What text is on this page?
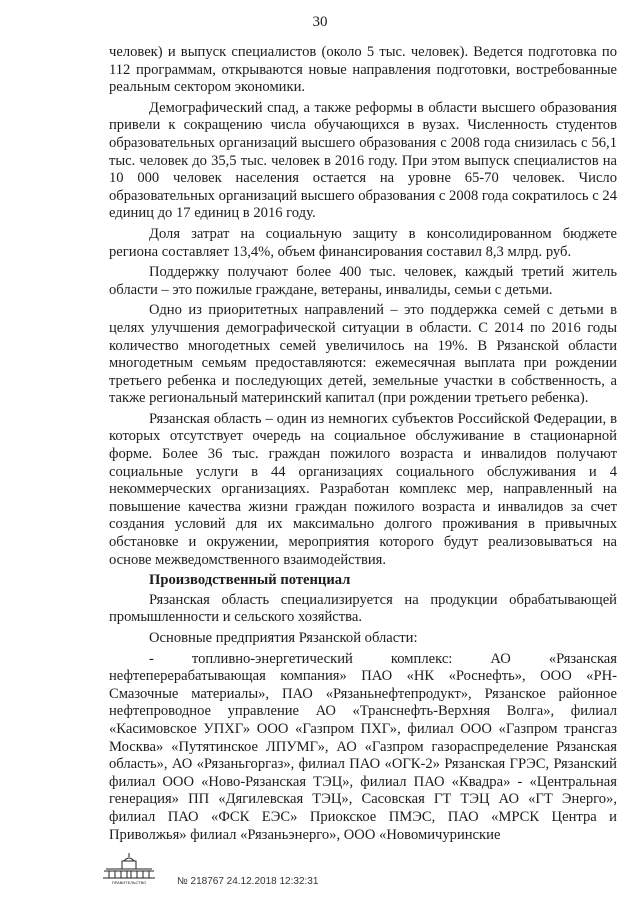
30

человек) и выпуск специалистов (около 5 тыс. человек). Ведется подготовка по 112 программам, открываются новые направления подготовки, востребованные реальным сектором экономики.

Демографический спад, а также реформы в области высшего образования привели к сокращению числа обучающихся в вузах. Численность студентов образовательных организаций высшего образования с 2008 года снизилась с 56,1 тыс. человек до 35,5 тыс. человек в 2016 году. При этом выпуск специалистов на 10 000 человек населения остается на уровне 65-70 человек. Число образовательных организаций высшего образования с 2008 года сократилось с 24 единиц до 17 единиц в 2016 году.

Доля затрат на социальную защиту в консолидированном бюджете региона составляет 13,4%, объем финансирования составил 8,3 млрд. руб.

Поддержку получают более 400 тыс. человек, каждый третий житель области – это пожилые граждане, ветераны, инвалиды, семьи с детьми.

Одно из приоритетных направлений – это поддержка семей с детьми в целях улучшения демографической ситуации в области. С 2014 по 2016 годы количество многодетных семей увеличилось на 19%. В Рязанской области многодетным семьям предоставляются: ежемесячная выплата при рождении третьего ребенка и последующих детей, земельные участки в собственность, а также региональный материнский капитал (при рождении третьего ребенка).

Рязанская область – один из немногих субъектов Российской Федерации, в которых отсутствует очередь на социальное обслуживание в стационарной форме. Более 36 тыс. граждан пожилого возраста и инвалидов получают социальные услуги в 44 организациях социального обслуживания и 4 некоммерческих организациях. Разработан комплекс мер, направленный на повышение качества жизни граждан пожилого возраста и инвалидов за счет создания условий для их максимально долгого проживания в привычных обстановке и окружении, мероприятия которого будут реализовываться на основе межведомственного взаимодействия.

Производственный потенциал

Рязанская область специализируется на продукции обрабатывающей промышленности и сельского хозяйства.

Основные предприятия Рязанской области:

- топливно-энергетический комплекс: АО «Рязанская нефтеперерабатывающая компания» ПАО «НК «Роснефть», ООО «РН-Смазочные материалы», ПАО «Рязаньнефтепродукт», Рязанское районное нефтепроводное управление АО «Транснефть-Верхняя Волга», филиал «Касимовское УПХГ» ООО «Газпром ПХГ», филиал ООО «Газпром трансгаз Москва» «Путятинское ЛПУМГ», АО «Газпром газораспределение Рязанская область», АО «Рязаньгоргаз», филиал ПАО «ОГК-2» Рязанская ГРЭС, Рязанский филиал ООО «Ново-Рязанская ТЭЦ», филиал ПАО «Квадра» - «Центральная генерация» ПП «Дягилевская ТЭЦ», Сасовская ГТ ТЭЦ АО «ГТ Энерго», филиал ПАО «ФСК ЕЭС» Приокское ПМЭС, ПАО «МРСК Центра и Приволжья» филиал «Рязаньэнерго», ООО «Новомичуринские

ПРАВИТЕЛЬСТВО	№ 218767 24.12.2018 12:32:31
